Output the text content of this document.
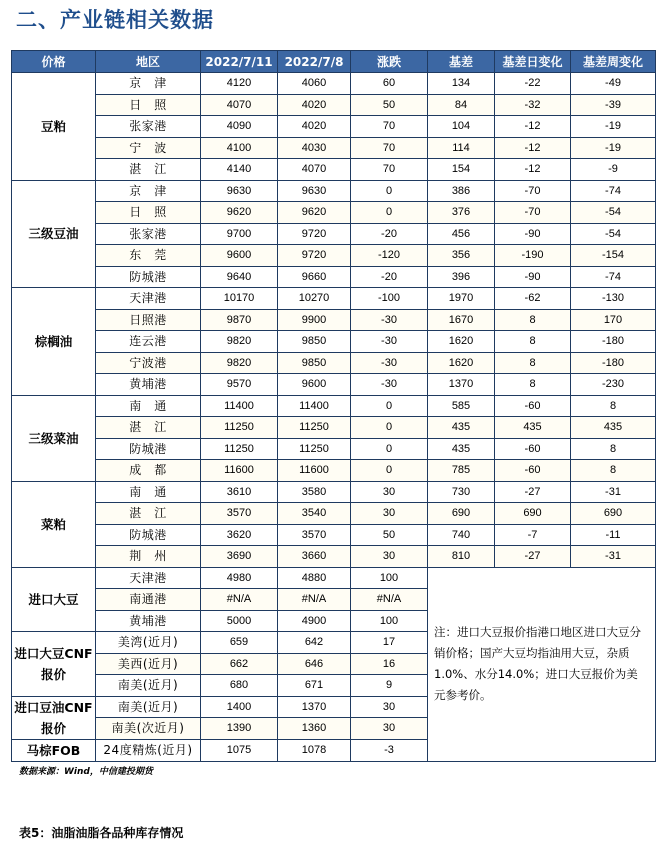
二、产业链相关数据
价格	地区	2022/7/11	2022/7/8	涨跌	基差	基差日变化	基差周变化
豆粕	京　津	4120	4060	60	134	-22	-49
	日　照	4070	4020	50	84	-32	-39
	张家港	4090	4020	70	104	-12	-19
	宁　波	4100	4030	70	114	-12	-19
	湛　江	4140	4070	70	154	-12	-9
三级豆油	京　津	9630	9630	0	386	-70	-74
	日　照	9620	9620	0	376	-70	-54
	张家港	9700	9720	-20	456	-90	-54
	东　莞	9600	9720	-120	356	-190	-154
	防城港	9640	9660	-20	396	-90	-74
棕榈油	天津港	10170	10270	-100	1970	-62	-130
	日照港	9870	9900	-30	1670	8	170
	连云港	9820	9850	-30	1620	8	-180
	宁波港	9820	9850	-30	1620	8	-180
	黄埔港	9570	9600	-30	1370	8	-230
三级菜油	南　通	11400	11400	0	585	-60	8
	湛　江	11250	11250	0	435	435	435
	防城港	11250	11250	0	435	-60	8
	成　都	11600	11600	0	785	-60	8
菜粕	南　通	3610	3580	30	730	-27	-31
	湛　江	3570	3540	30	690	690	690
	防城港	3620	3570	50	740	-7	-11
	荆　州	3690	3660	30	810	-27	-31
进口大豆	天津港	4980	4880	100	注：进口大豆报价指港口地区进口大豆分销价格；国产大豆均指油用大豆，杂质1.0%、水分14.0%；进口大豆报价为美元参考价。		
	南通港	#N/A	#N/A	#N/A			
	黄埔港	5000	4900	100			
进口大豆CNF报价	美湾(近月)	659	642	17			
	美西(近月)	662	646	16			
	南美(近月)	680	671	9			
进口豆油CNF报价	南美(近月)	1400	1370	30			
	南美(次近月)	1390	1360	30			
马棕FOB	24度精炼(近月)	1075	1078	-3			
数据来源：Wind，中信建投期货
表5：油脂油脂各品种库存情况
